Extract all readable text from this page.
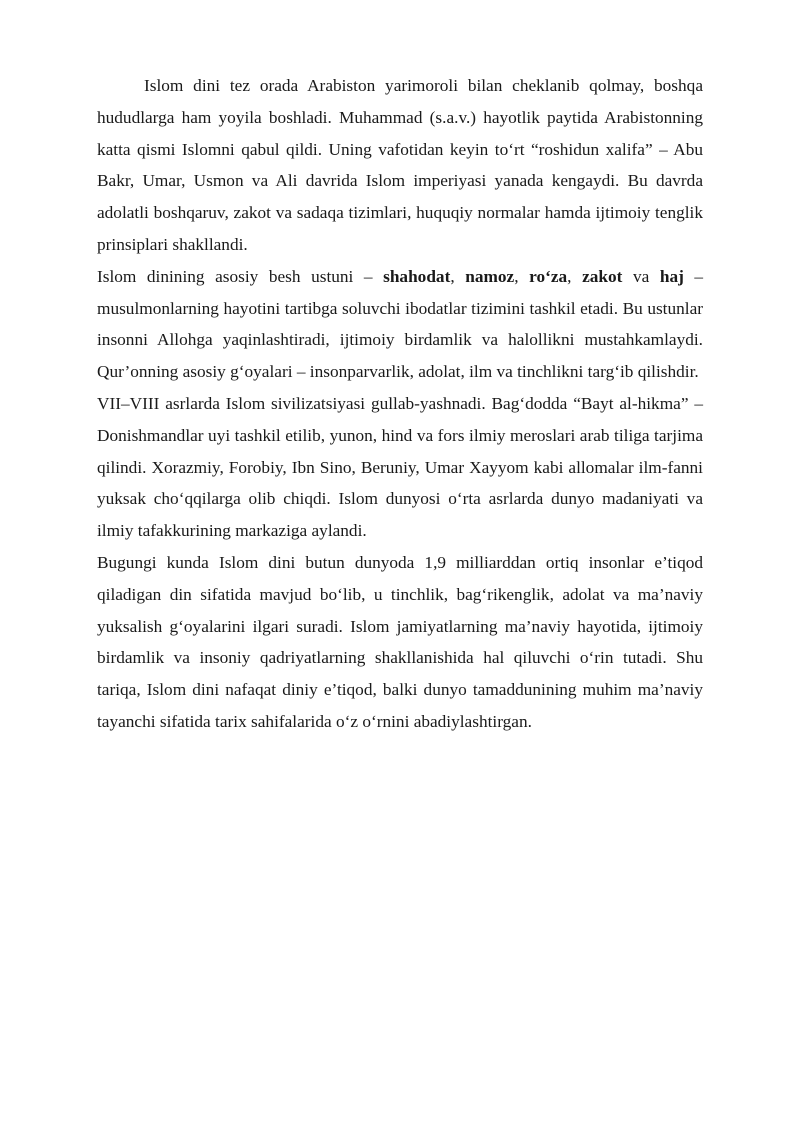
Islom dini tez orada Arabiston yarimoroli bilan cheklanib qolmay, boshqa hududlarga ham yoyila boshladi. Muhammad (s.a.v.) hayotlik paytida Arabistonning katta qismi Islomni qabul qildi. Uning vafotidan keyin to‘rt “roshidun xalifa” – Abu Bakr, Umar, Usmon va Ali davrida Islom imperiyasi yanada kengaydi. Bu davrda adolatli boshqaruv, zakot va sadaqa tizimlari, huquqiy normalar hamda ijtimoiy tenglik prinsiplari shakllandi.

Islom dinining asosiy besh ustuni – shahodat, namoz, ro‘za, zakot va haj – musulmonlarning hayotini tartibga soluvchi ibodatlar tizimini tashkil etadi. Bu ustunlar insonni Allohga yaqinlashtiradi, ijtimoiy birdamlik va halollikni mustahkamlaydi. Qur’onning asosiy g‘oyalari – insonparvarlik, adolat, ilm va tinchlikni targ‘ib qilishdir.

VII–VIII asrlarda Islom sivilizatsiyasi gullab-yashnadi. Bag‘dodda “Bayt al-hikma” – Donishmandlar uyi tashkil etilib, yunon, hind va fors ilmiy meroslari arab tiliga tarjima qilindi. Xorazmiy, Forobiy, Ibn Sino, Beruniy, Umar Xayyom kabi allomalar ilm-fanni yuksak cho‘qqilarga olib chiqdi. Islom dunyosi o‘rta asrlarda dunyo madaniyati va ilmiy tafakkurining markaziga aylandi.

Bugungi kunda Islom dini butun dunyoda 1,9 milliarddan ortiq insonlar e’tiqod qiladigan din sifatida mavjud bo‘lib, u tinchlik, bag‘rikenglik, adolat va ma’naviy yuksalish g‘oyalarini ilgari suradi. Islom jamiyatlarning ma’naviy hayotida, ijtimoiy birdamlik va insoniy qadriyatlarning shakllanishida hal qiluvchi o‘rin tutadi. Shu tariqa, Islom dini nafaqat diniy e’tiqod, balki dunyo tamaddunining muhim ma’naviy tayanchi sifatida tarix sahifalarida o‘z o‘rnini abadiylashtirgan.
